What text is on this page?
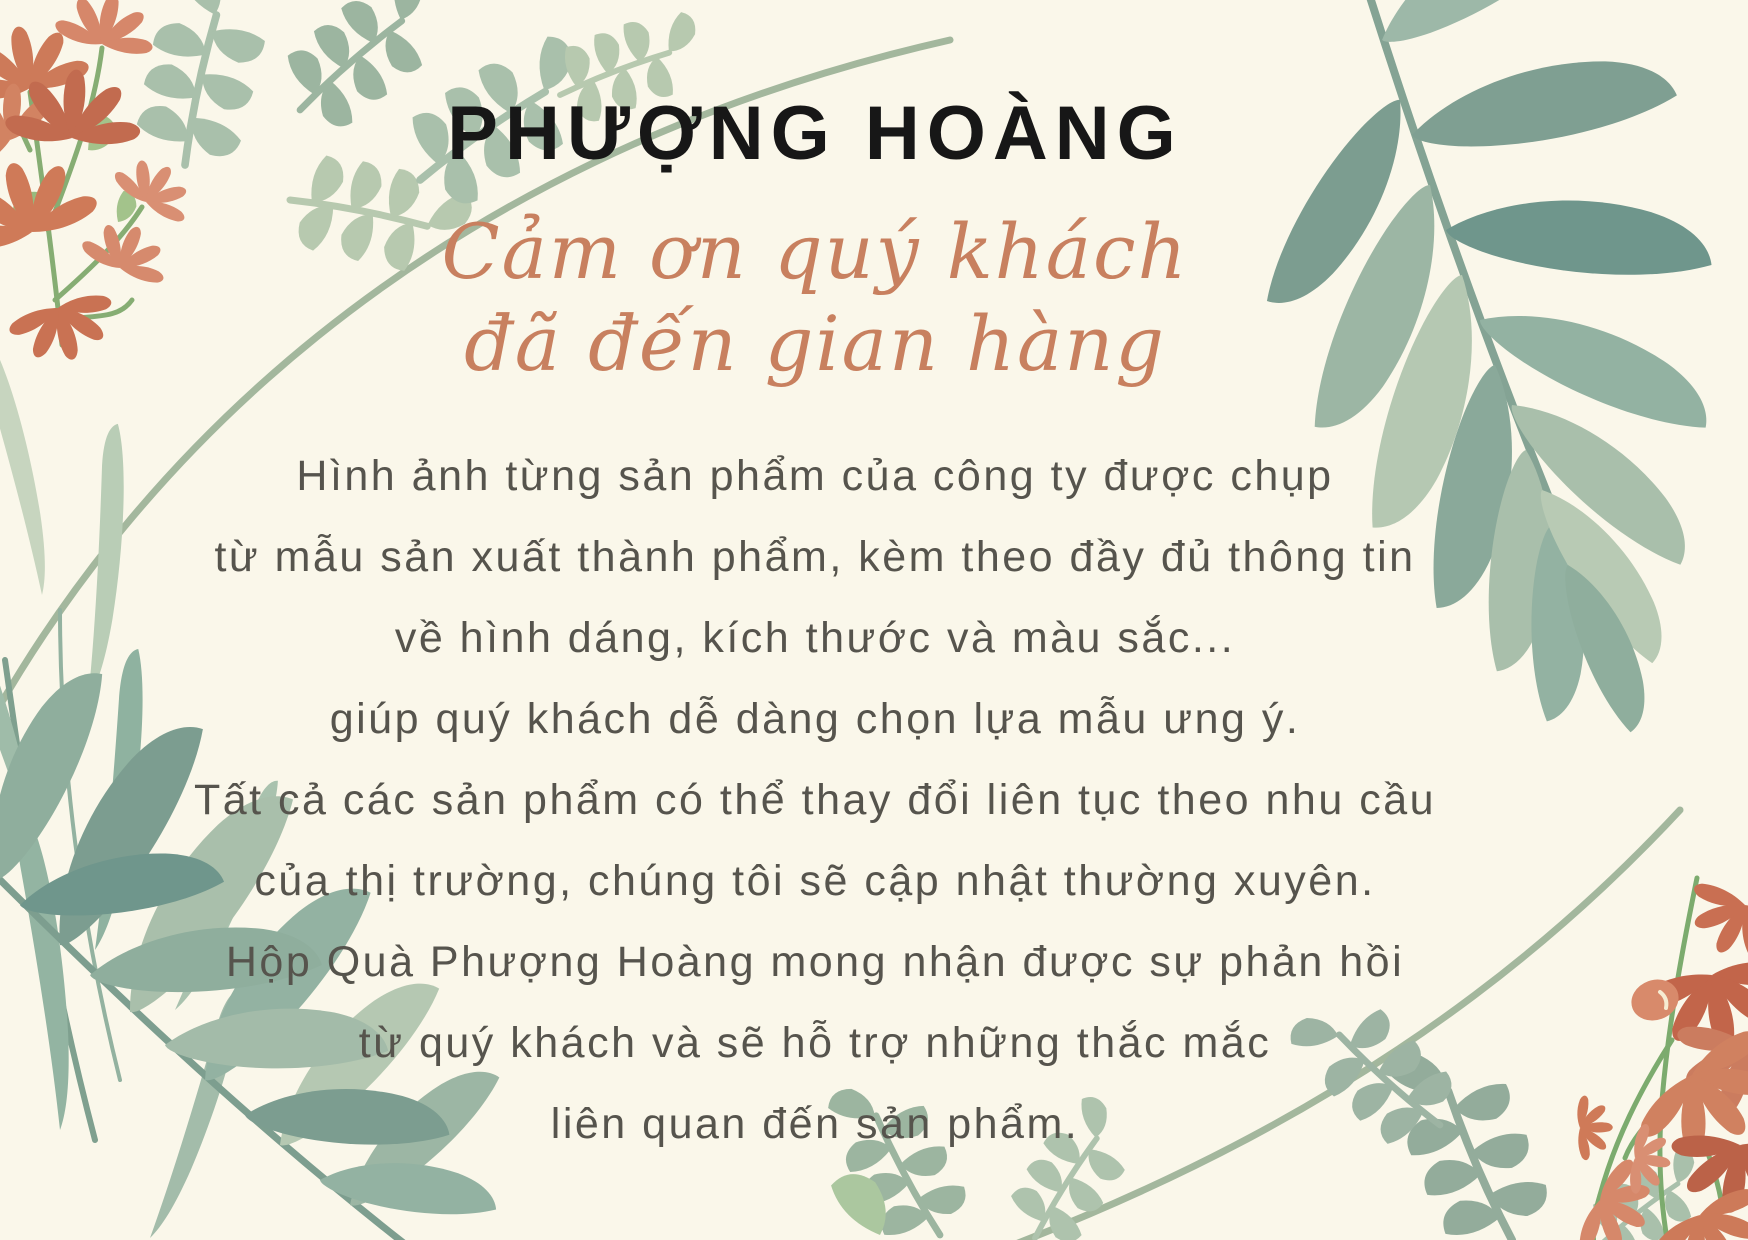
PHƯỢNG HOÀNG
Cảm ơn quý khách
đã đến gian hàng

Hình ảnh từng sản phẩm của công ty được chụp

từ mẫu sản xuất thành phẩm, kèm theo đầy đủ thông tin

về hình dáng, kích thước và màu sắc...

giúp quý khách dễ dàng chọn lựa mẫu ưng ý.

Tất cả các sản phẩm có thể thay đổi liên tục theo nhu cầu

của thị trường, chúng tôi sẽ cập nhật thường xuyên.

Hộp Quà Phượng Hoàng mong nhận được sự phản hồi

từ quý khách và sẽ hỗ trợ những thắc mắc

liên quan đến sản phẩm.
